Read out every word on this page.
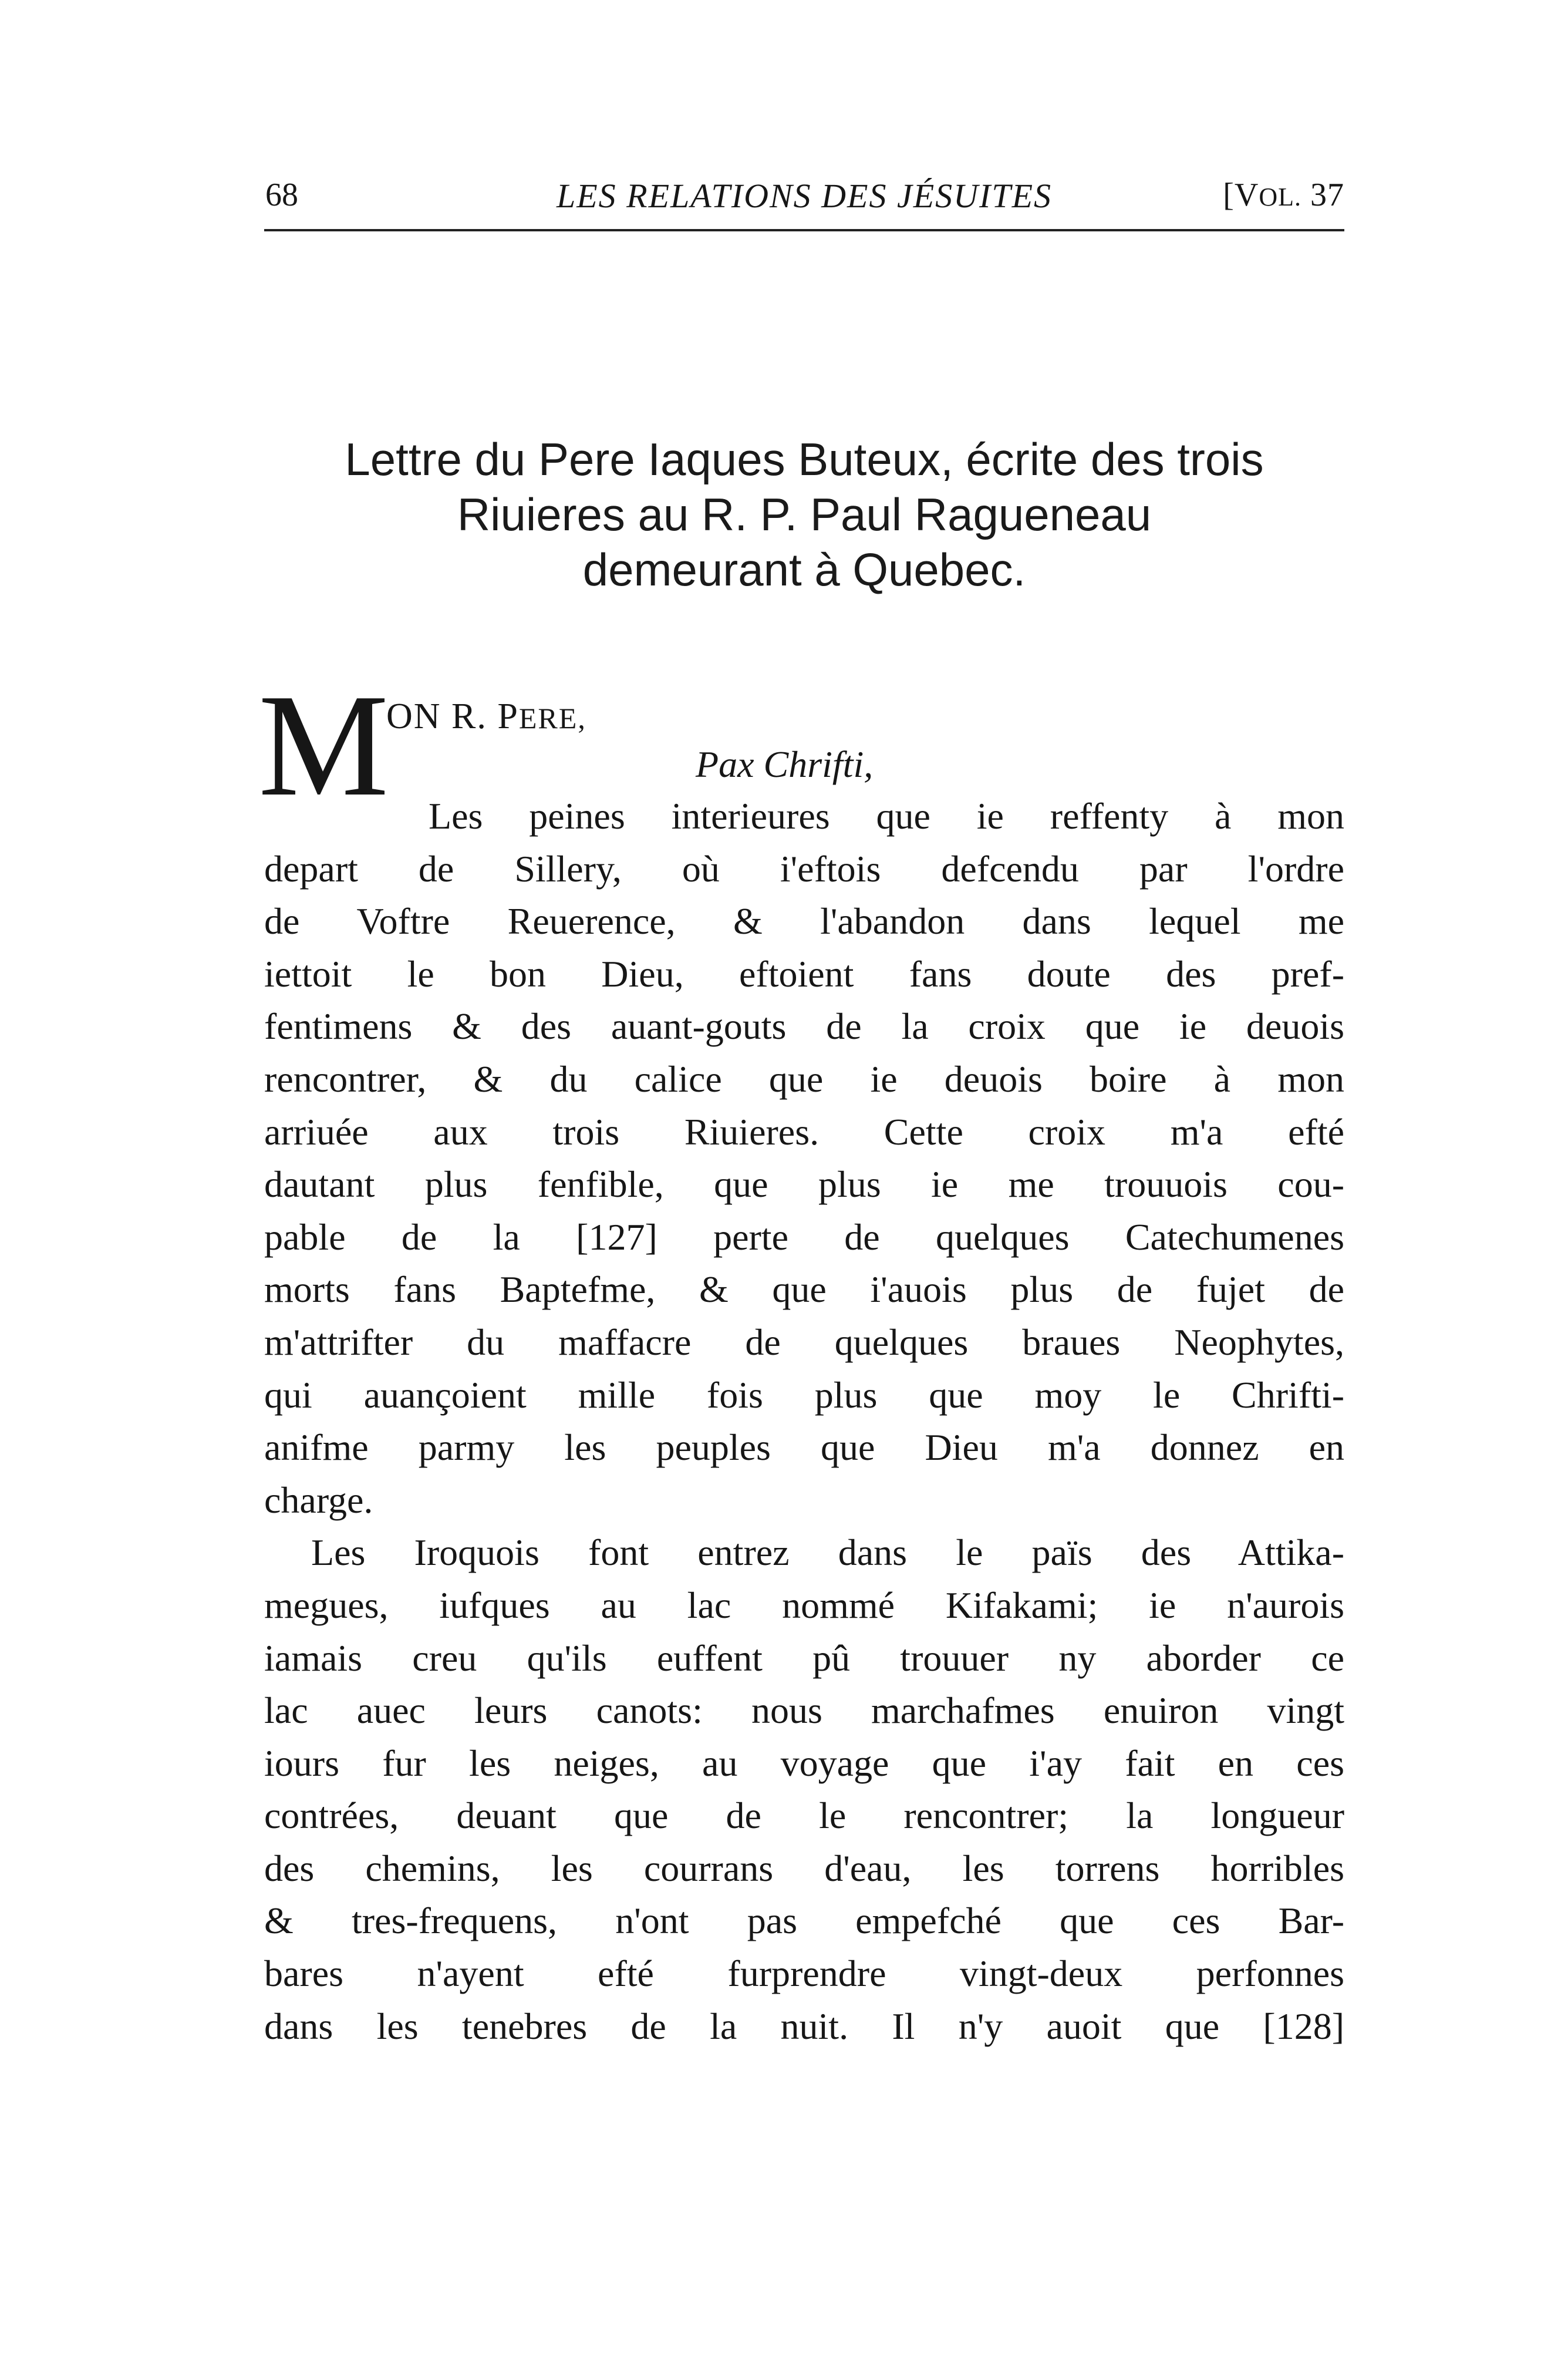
68	LES RELATIONS DES JÉSUITES	[VOL. 37
Lettre du Pere Iaques Buteux, écrite des trois
Riuieres au R. P. Paul Ragueneau
demeurant à Quebec.
M
ON R. PERE,
Pax Chrifti,
Les peines interieures que ie reffenty à mon
depart de Sillery, où i'eftois defcendu par l'ordre
de Voftre Reuerence, & l'abandon dans lequel me
iettoit le bon Dieu, eftoient fans doute des pref-
fentimens & des auant-gouts de la croix que ie deuois
rencontrer, & du calice que ie deuois boire à mon
arriuée aux trois Riuieres. Cette croix m'a efté
dautant plus fenfible, que plus ie me trouuois cou-
pable de la [127] perte de quelques Catechumenes
morts fans Baptefme, & que i'auois plus de fujet de
m'attrifter du maffacre de quelques braues Neophytes,
qui auançoient mille fois plus que moy le Chrifti-
anifme parmy les peuples que Dieu m'a donnez en
charge.
Les Iroquois font entrez dans le païs des Attika-
megues, iufques au lac nommé Kifakami; ie n'aurois
iamais creu qu'ils euffent pû trouuer ny aborder ce
lac auec leurs canots: nous marchafmes enuiron vingt
iours fur les neiges, au voyage que i'ay fait en ces
contrées, deuant que de le rencontrer; la longueur
des chemins, les courrans d'eau, les torrens horribles
& tres-frequens, n'ont pas empefché que ces Bar-
bares n'ayent efté furprendre vingt-deux perfonnes
dans les tenebres de la nuit. Il n'y auoit que [128]
